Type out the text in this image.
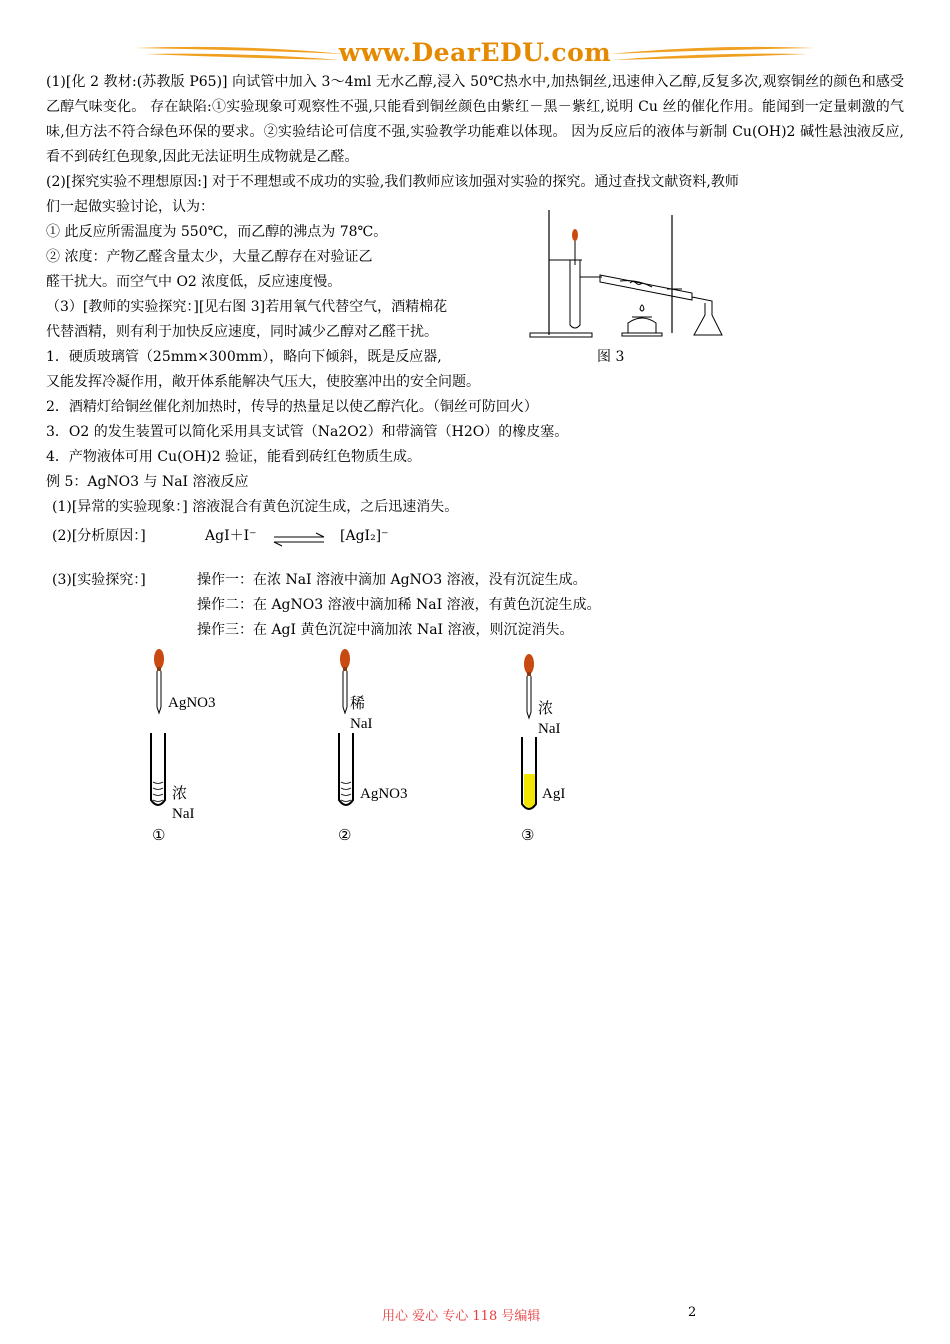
www.DearEDU.com
(1)[化 2 教材:(苏教版 P65)] 向试管中加入 3～4ml 无水乙醇,浸入 50℃热水中,加热铜丝,迅速伸入乙醇,反复多次,观察铜丝的颜色和感受乙醇气味变化。 存在缺陷:①实验现象可观察性不强,只能看到铜丝颜色由紫红－黑－紫红,说明 Cu 丝的催化作用。能闻到一定量刺激的气味,但方法不符合绿色环保的要求。②实验结论可信度不强,实验教学功能难以体现。 因为反应后的液体与新制 Cu(OH)2 碱性悬浊液反应,看不到砖红色现象,因此无法证明生成物就是乙醛。
(2)[探究实验不理想原因:] 对于不理想或不成功的实验,我们教师应该加强对实验的探究。通过查找文献资料,教师
们一起做实验讨论，认为：
① 此反应所需温度为 550℃，而乙醇的沸点为 78℃。
② 浓度：产物乙醛含量太少，大量乙醇存在对验证乙
醛干扰大。而空气中 O2 浓度低，反应速度慢。
（3）[教师的实验探究：][见右图 3]若用氧气代替空气，酒精棉花
代替酒精，则有利于加快反应速度，同时减少乙醇对乙醛干扰。
1．硬质玻璃管（25mm×300mm），略向下倾斜，既是反应器,
又能发挥冷凝作用，敞开体系能解决气压大，使胶塞冲出的安全问题。
2．酒精灯给铜丝催化剂加热时，传导的热量足以使乙醇汽化。（铜丝可防回火）
3．O2 的发生装置可以简化采用具支试管（Na2O2）和带滴管（H2O）的橡皮塞。
4．产物液体可用 Cu(OH)2 验证，能看到砖红色物质生成。
例 5：AgNO3 与 NaI 溶液反应
(1)[异常的实验现象：] 溶液混合有黄色沉淀生成，之后迅速消失。
(2)[分析原因：]	AgI＋I⁻ ⇌ [AgI₂]⁻
(3)[实验探究：]	操作一：在浓 NaI 溶液中滴加 AgNO3 溶液，没有沉淀生成。
操作二：在 AgNO3 溶液中滴加稀 NaI 溶液，有黄色沉淀生成。
操作三：在 AgI 黄色沉淀中滴加浓 NaI 溶液，则沉淀消失。
图 3
AgNO3
浓
NaI
①
稀
NaI
AgNO3
②
浓
NaI
AgI
③
用心 爱心 专心 118 号编辑	2
